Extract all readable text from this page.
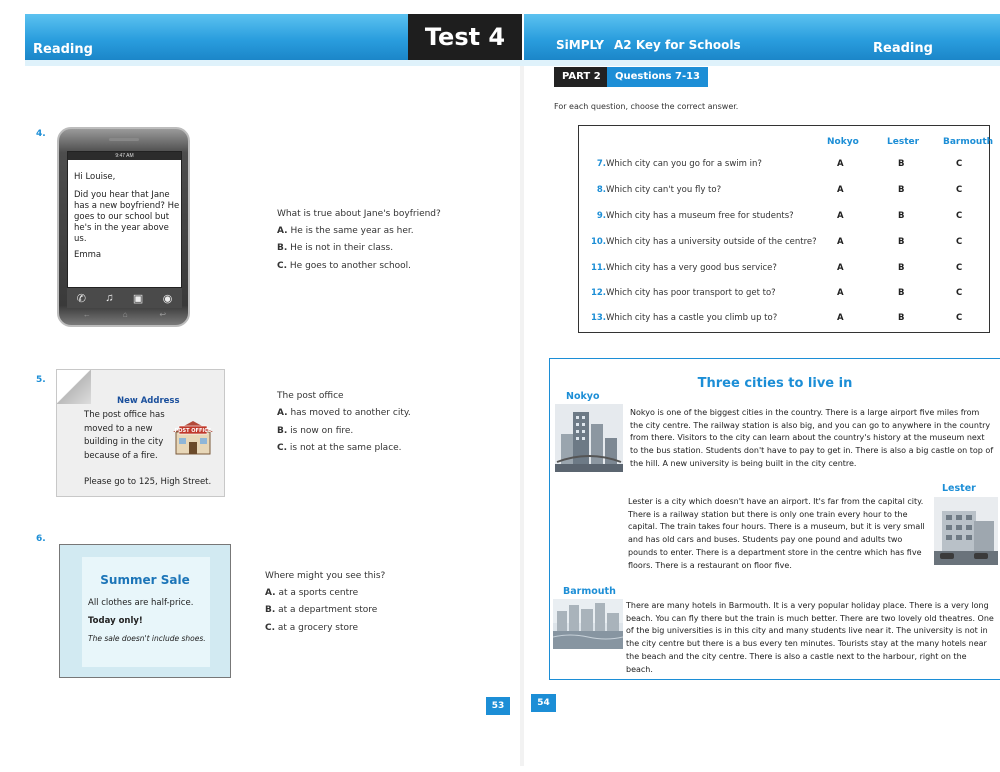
Reading	Test 4	SiMPLY A2 Key for Schools	Reading
4.
9:47 AM
Hi Louise,
Did you hear that Jane has a new boyfriend? He goes to our school but he's in the year above us.
Emma
✆ ♫ ▣ ◉
←	⌂	↩
What is true about Jane's boyfriend?
A. He is the same year as her.
B. He is not in their class.
C. He goes to another school.
5.
New Address
The post office has moved to a new building in the city because of a fire.
POST OFFICE
Please go to 125, High Street.
The post office
A. has moved to another city.
B. is now on fire.
C. is not at the same place.
6.
Summer Sale
All clothes are half-price.
Today only!
The sale doesn't include shoes.
Where might you see this?
A. at a sports centre
B. at a department store
C. at a grocery store
PART 2	Questions 7-13
For each question, choose the correct answer.
Nokyo	Lester	Barmouth
7. Which city can you go for a swim in?	A	B	C
8. Which city can't you fly to?	A	B	C
9. Which city has a museum free for students?	A	B	C
10. Which city has a university outside of the centre? A	B	C
11. Which city has a very good bus service?	A	B	C
12. Which city has poor transport to get to?	A	B	C
13. Which city has a castle you climb up to?	A	B	C
Three cities to live in
Nokyo
Nokyo is one of the biggest cities in the country. There is a large airport five miles from the city centre. The railway station is also big, and you can go to anywhere in the country from there. Visitors to the city can learn about the country's history at the museum next to the bus station. Students don't have to pay to get in. There is also a big castle on top of the hill. A new university is being built in the city centre.
Lester
Lester is a city which doesn't have an airport. It's far from the capital city. There is a railway station but there is only one train every hour to the capital. The train takes four hours. There is a museum, but it is very small and has old cars and buses. Students pay one pound and adults two pounds to enter. There is a department store in the centre which has five floors. There is a restaurant on floor five.
Barmouth
There are many hotels in Barmouth. It is a very popular holiday place. There is a very long beach. You can fly there but the train is much better. There are two lovely old theatres. One of the big universities is in this city and many students live near it. The university is not in the city centre but there is a bus every ten minutes. Tourists stay at the many hotels near the beach and the city centre. There is also a castle next to the harbour, right on the beach.
53	54
